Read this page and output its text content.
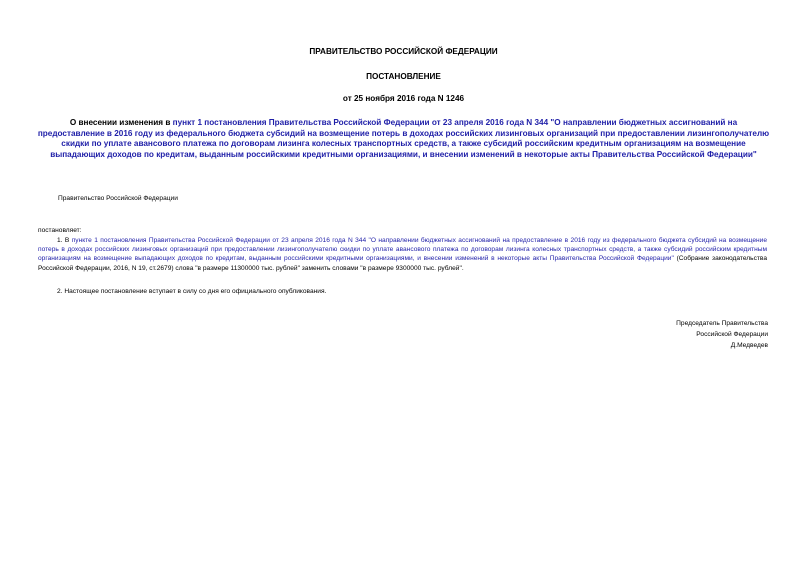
ПРАВИТЕЛЬСТВО РОССИЙСКОЙ ФЕДЕРАЦИИ
ПОСТАНОВЛЕНИЕ
от 25 ноября 2016 года N 1246
О внесении изменения в пункт 1 постановления Правительства Российской Федерации от 23 апреля 2016 года N 344 "О направлении бюджетных ассигнований на предоставление в 2016 году из федерального бюджета субсидий на возмещение потерь в доходах российских лизинговых организаций при предоставлении лизингополучателю скидки по уплате авансового платежа по договорам лизинга колесных транспортных средств, а также субсидий российским кредитным организациям на возмещение выпадающих доходов по кредитам, выданным российскими кредитными организациями, и внесении изменений в некоторые акты Правительства Российской Федерации"
Правительство Российской Федерации
постановляет:
1. В пункте 1 постановления Правительства Российской Федерации от 23 апреля 2016 года N 344 "О направлении бюджетных ассигнований на предоставление в 2016 году из федерального бюджета субсидий на возмещение потерь в доходах российских лизинговых организаций при предоставлении лизингополучателю скидки по уплате авансового платежа по договорам лизинга колесных транспортных средств, а также субсидий российским кредитным организациям на возмещение выпадающих доходов по кредитам, выданным российскими кредитными организациями, и внесении изменений в некоторые акты Правительства Российской Федерации" (Собрание законодательства Российской Федерации, 2016, N 19, ст.2679) слова "в размере 11300000 тыс. рублей" заменить словами "в размере 9300000 тыс. рублей".
2. Настоящее постановление вступает в силу со дня его официального опубликования.
Председатель Правительства
Российской Федерации
Д.Медведев
